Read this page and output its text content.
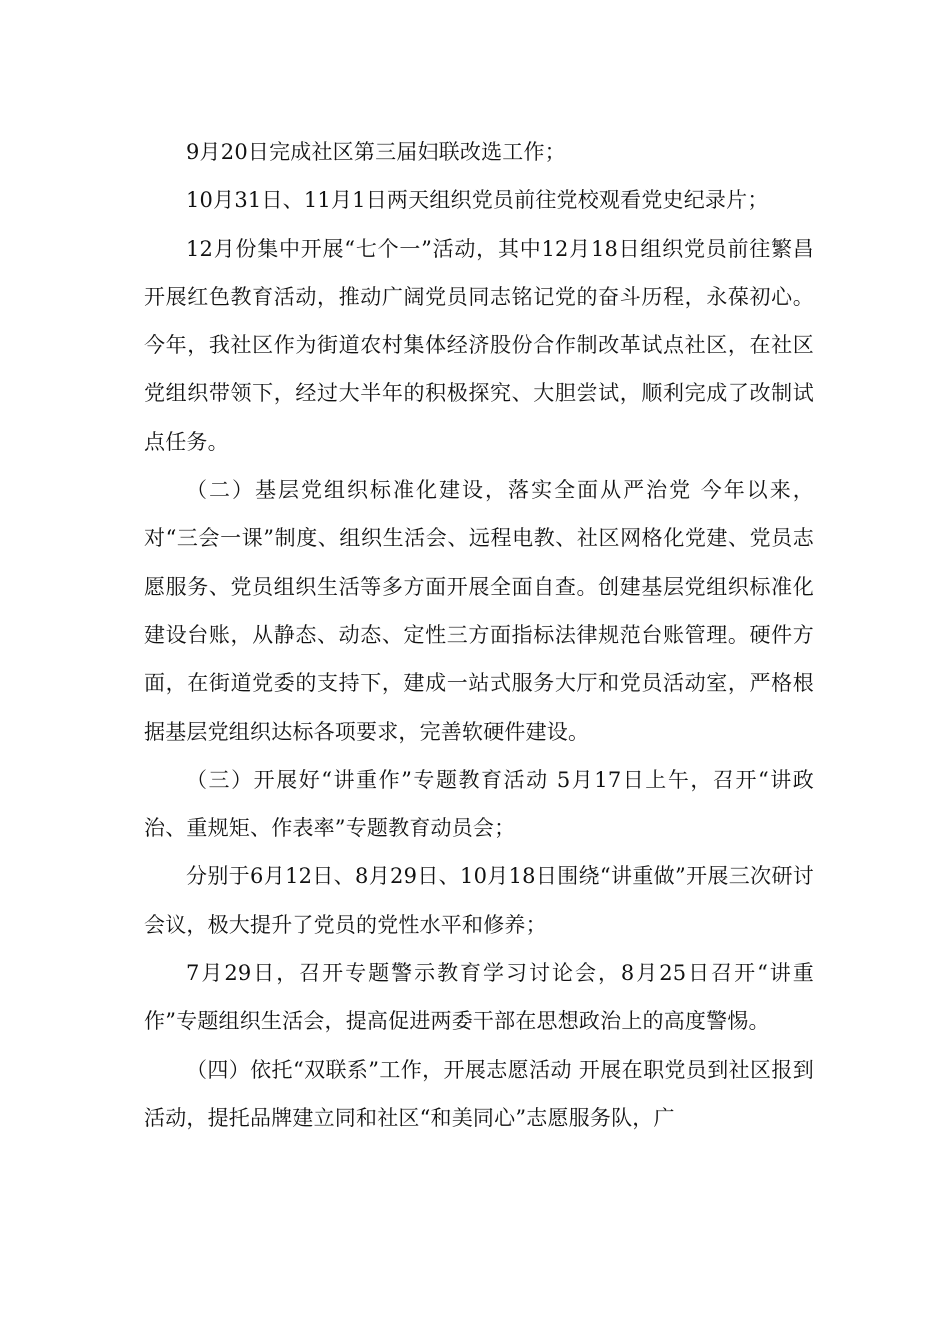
9月20日完成社区第三届妇联改选工作；

10月31日、11月1日两天组织党员前往党校观看党史纪录片；

12月份集中开展“七个一”活动，其中12月18日组织党员前往繁昌开展红色教育活动，推动广阔党员同志铭记党的奋斗历程，永葆初心。今年，我社区作为街道农村集体经济股份合作制改革试点社区，在社区党组织带领下，经过大半年的积极探究、大胆尝试，顺利完成了改制试点任务。

（二）基层党组织标准化建设，落实全面从严治党 今年以来，对“三会一课”制度、组织生活会、远程电教、社区网格化党建、党员志愿服务、党员组织生活等多方面开展全面自查。创建基层党组织标准化建设台账，从静态、动态、定性三方面指标法律规范台账管理。硬件方面，在街道党委的支持下，建成一站式服务大厅和党员活动室，严格根据基层党组织达标各项要求，完善软硬件建设。

（三）开展好“讲重作”专题教育活动 5月17日上午，召开“讲政治、重规矩、作表率”专题教育动员会；

分别于6月12日、8月29日、10月18日围绕“讲重做”开展三次研讨会议，极大提升了党员的党性水平和修养；

7月29日，召开专题警示教育学习讨论会，8月25日召开“讲重作”专题组织生活会，提高促进两委干部在思想政治上的高度警惕。

（四）依托“双联系”工作，开展志愿活动 开展在职党员到社区报到活动，提托品牌建立同和社区“和美同心”志愿服务队，广
